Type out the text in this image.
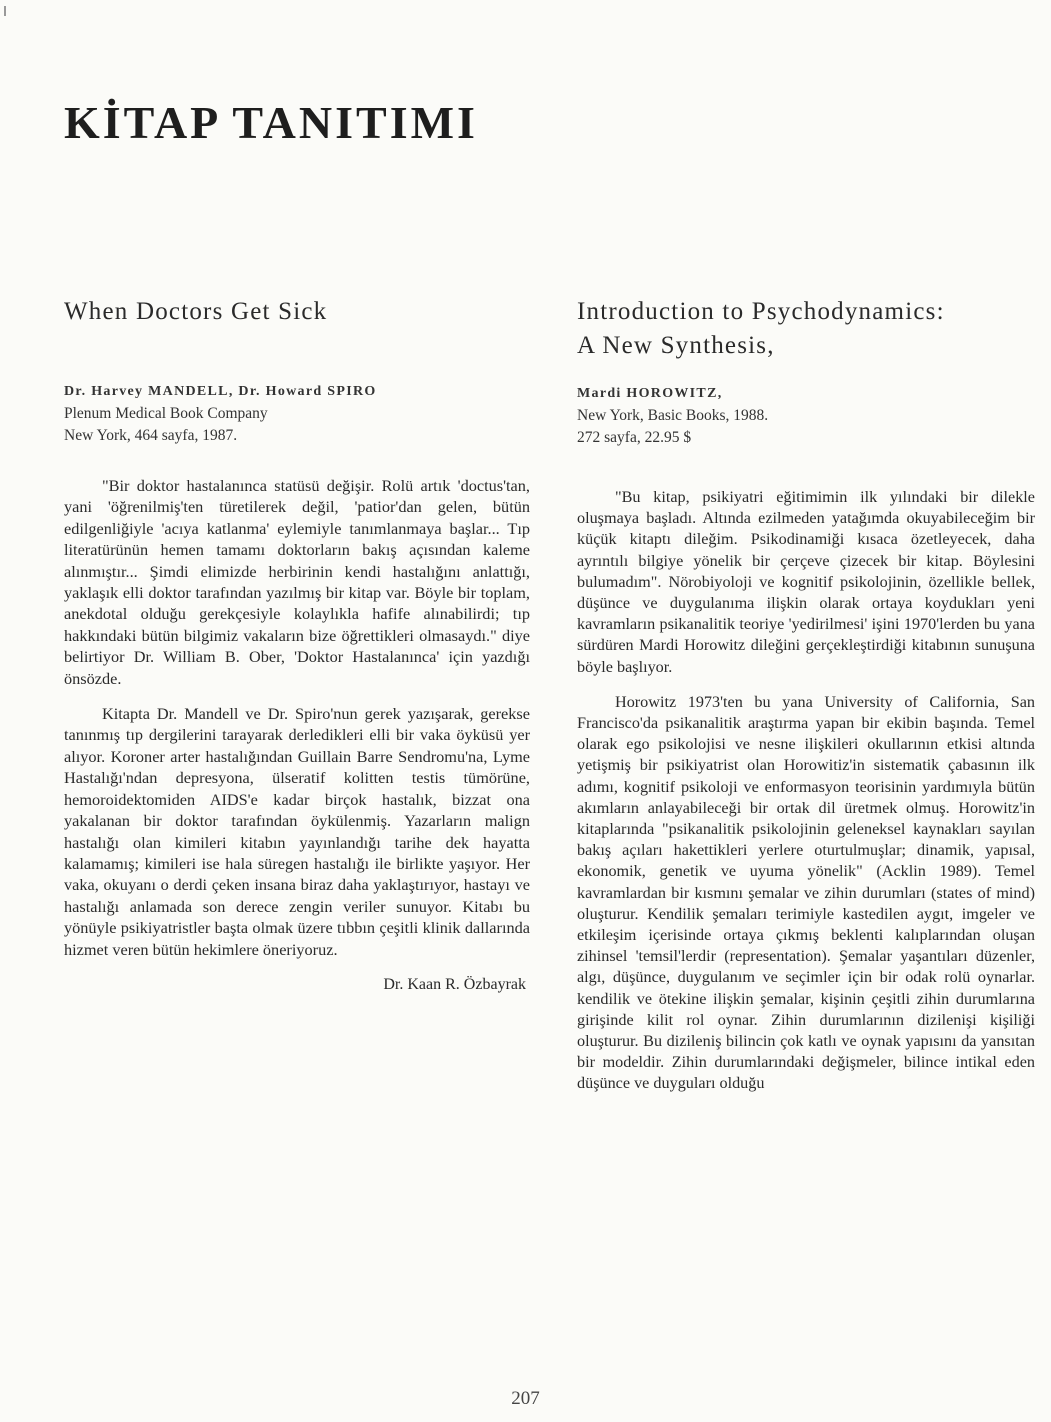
KİTAP TANITIMI
When Doctors Get Sick
Dr. Harvey MANDELL, Dr. Howard SPIRO
Plenum Medical Book Company
New York, 464 sayfa, 1987.

"Bir doktor hastalanınca statüsü değişir. Rolü artık 'doctus'tan, yani 'öğrenilmiş'ten türetilerek değil, 'patior'dan gelen, bütün edilgenliğiyle 'acıya katlanma' eylemiyle tanımlanmaya başlar... Tıp literatürünün hemen tamamı doktorların bakış açısından kaleme alınmıştır... Şimdi elimizde herbirinin kendi hastalığını anlattığı, yaklaşık elli doktor tarafından yazılmış bir kitap var. Böyle bir toplam, anekdotal olduğu gerekçesiyle kolaylıkla hafife alınabilirdi; tıp hakkındaki bütün bilgimiz vakaların bize öğrettikleri olmasaydı." diye belirtiyor Dr. William B. Ober, 'Doktor Hastalanınca' için yazdığı önsözde.

Kitapta Dr. Mandell ve Dr. Spiro'nun gerek yazışarak, gerekse tanınmış tıp dergilerini tarayarak derledikleri elli bir vaka öyküsü yer alıyor. Koroner arter hastalığından Guillain Barre Sendromu'na, Lyme Hastalığı'ndan depresyona, ülseratif kolitten testis tümörüne, hemoroidektomiden AIDS'e kadar birçok hastalık, bizzat ona yakalanan bir doktor tarafından öykülenmiş. Yazarların malign hastalığı olan kimileri kitabın yayınlandığı tarihe dek hayatta kalamamış; kimileri ise hala süregen hastalığı ile birlikte yaşıyor. Her vaka, okuyanı o derdi çeken insana biraz daha yaklaştırıyor, hastayı ve hastalığı anlamada son derece zengin veriler sunuyor. Kitabı bu yönüyle psikiyatristler başta olmak üzere tıbbın çeşitli klinik dallarında hizmet veren bütün hekimlere öneriyoruz.

Dr. Kaan R. Özbayrak
Introduction to Psychodynamics:
A New Synthesis,
Mardi HOROWITZ,
New York, Basic Books, 1988.
272 sayfa, 22.95 $

"Bu kitap, psikiyatri eğitimimin ilk yılındaki bir dilekle oluşmaya başladı. Altında ezilmeden yatağımda okuyabileceğim bir küçük kitaptı dileğim. Psikodinamiği kısaca özetleyecek, daha ayrıntılı bilgiye yönelik bir çerçeve çizecek bir kitap. Böylesini bulumadım". Nörobiyoloji ve kognitif psikolojinin, özellikle bellek, düşünce ve duygulanıma ilişkin olarak ortaya koydukları yeni kavramların psikanalitik teoriye 'yedirilmesi' işini 1970'lerden bu yana sürdüren Mardi Horowitz dileğini gerçekleştirdiği kitabının sunuşuna böyle başlıyor.

Horowitz 1973'ten bu yana University of California, San Francisco'da psikanalitik araştırma yapan bir ekibin başında. Temel olarak ego psikolojisi ve nesne ilişkileri okullarının etkisi altında yetişmiş bir psikiyatrist olan Horowitiz'in sistematik çabasının ilk adımı, kognitif psikoloji ve enformasyon teorisinin yardımıyla bütün akımların anlayabileceği bir ortak dil üretmek olmuş. Horowitz'in kitaplarında "psikanalitik psikolojinin geleneksel kaynakları sayılan bakış açıları hakettikleri yerlere oturtulmuşlar; dinamik, yapısal, ekonomik, genetik ve uyuma yönelik" (Acklin 1989). Temel kavramlardan bir kısmını şemalar ve zihin durumları (states of mind) oluşturur. Kendilik şemaları terimiyle kastedilen aygıt, imgeler ve etkileşim içerisinde ortaya çıkmış beklenti kalıplarından oluşan zihinsel 'temsil'lerdir (representation). Şemalar yaşantıları düzenler, algı, düşünce, duygulanım ve seçimler için bir odak rolü oynarlar. kendilik ve ötekine ilişkin şemalar, kişinin çeşitli zihin durumlarına girişinde kilit rol oynar. Zihin durumlarının dizilenişi kişiliği oluşturur. Bu dizileniş bilincin çok katlı ve oynak yapısını da yansıtan bir modeldir. Zihin durumlarındaki değişmeler, bilince intikal eden düşünce ve duyguları olduğu

207
